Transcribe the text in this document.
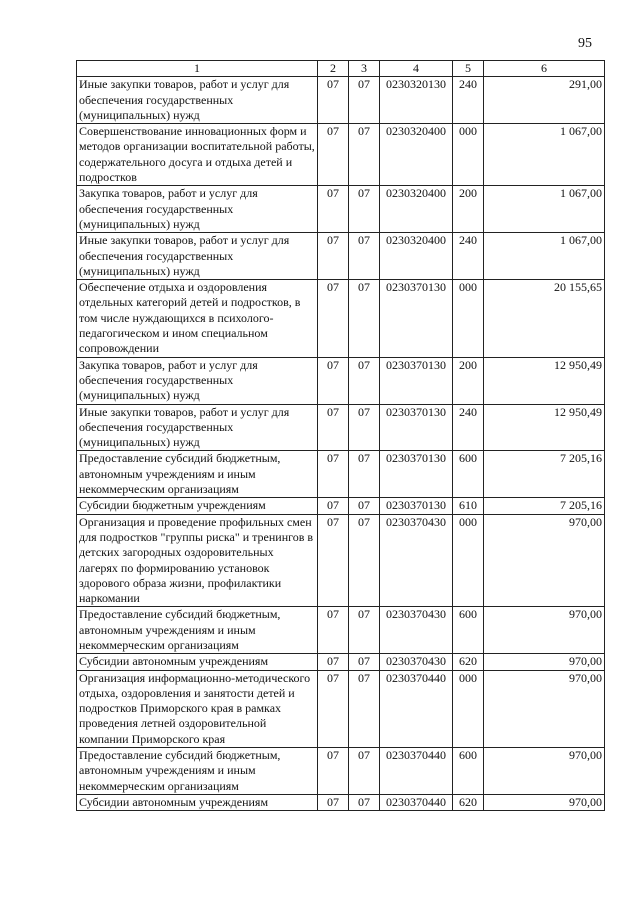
95
1	2	3	4	5	6
Иные закупки товаров, работ и услуг для обеспечения государственных (муниципальных) нужд	07	07	0230320130	240	291,00
Совершенствование инновационных форм и методов организации воспитательной работы, содержательного досуга и отдыха детей и подростков	07	07	0230320400	000	1 067,00
Закупка товаров, работ и услуг для обеспечения государственных (муниципальных) нужд	07	07	0230320400	200	1 067,00
Иные закупки товаров, работ и услуг для обеспечения государственных (муниципальных) нужд	07	07	0230320400	240	1 067,00
Обеспечение отдыха и оздоровления отдельных категорий детей и подростков, в том числе нуждающихся в психолого-педагогическом и ином специальном сопровождении	07	07	0230370130	000	20 155,65
Закупка товаров, работ и услуг для обеспечения государственных (муниципальных) нужд	07	07	0230370130	200	12 950,49
Иные закупки товаров, работ и услуг для обеспечения государственных (муниципальных) нужд	07	07	0230370130	240	12 950,49
Предоставление субсидий бюджетным, автономным учреждениям и иным некоммерческим организациям	07	07	0230370130	600	7 205,16
Субсидии бюджетным учреждениям	07	07	0230370130	610	7 205,16
Организация и проведение профильных смен для подростков "группы риска" и тренингов в детских загородных оздоровительных лагерях по формированию установок здорового образа жизни, профилактики наркомании	07	07	0230370430	000	970,00
Предоставление субсидий бюджетным, автономным учреждениям и иным некоммерческим организациям	07	07	0230370430	600	970,00
Субсидии автономным учреждениям	07	07	0230370430	620	970,00
Организация информационно-методического отдыха, оздоровления и занятости детей и подростков Приморского края в рамках проведения летней оздоровительной компании Приморского края	07	07	0230370440	000	970,00
Предоставление субсидий бюджетным, автономным учреждениям и иным некоммерческим организациям	07	07	0230370440	600	970,00
Субсидии автономным учреждениям	07	07	0230370440	620	970,00
